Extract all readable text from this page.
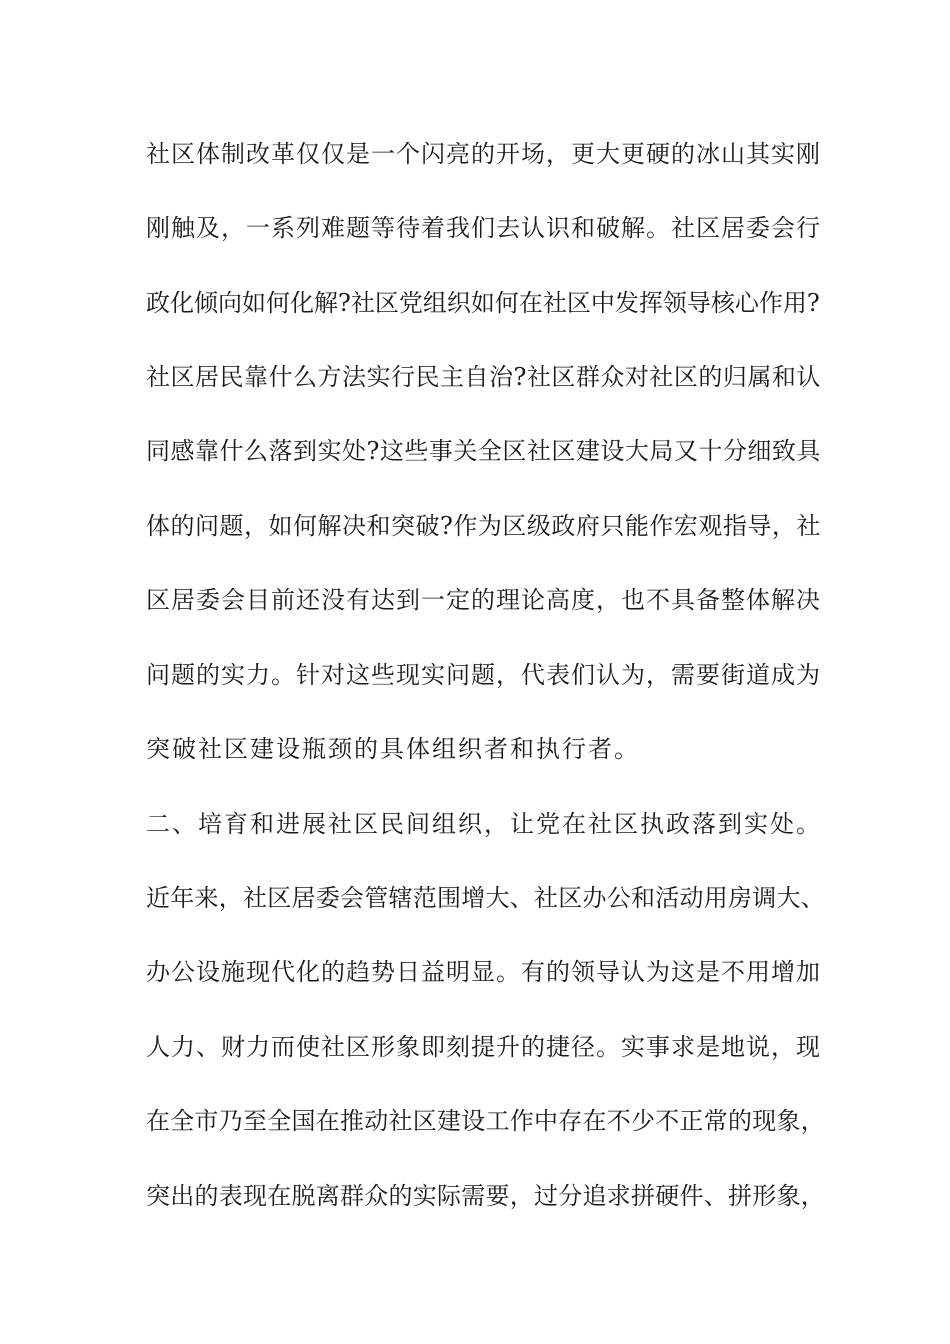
社区体制改革仅仅是一个闪亮的开场，更大更硬的冰山其实刚
刚触及，一系列难题等待着我们去认识和破解。社区居委会行
政化倾向如何化解?社区党组织如何在社区中发挥领导核心作用?
社区居民靠什么方法实行民主自治?社区群众对社区的归属和认
同感靠什么落到实处?这些事关全区社区建设大局又十分细致具
体的问题，如何解决和突破?作为区级政府只能作宏观指导，社
区居委会目前还没有达到一定的理论高度，也不具备整体解决
问题的实力。针对这些现实问题，代表们认为，需要街道成为
突破社区建设瓶颈的具体组织者和执行者。
二、培育和进展社区民间组织，让党在社区执政落到实处。
近年来，社区居委会管辖范围增大、社区办公和活动用房调大、
办公设施现代化的趋势日益明显。有的领导认为这是不用增加
人力、财力而使社区形象即刻提升的捷径。实事求是地说，现
在全市乃至全国在推动社区建设工作中存在不少不正常的现象，
突出的表现在脱离群众的实际需要，过分追求拼硬件、拼形象，
